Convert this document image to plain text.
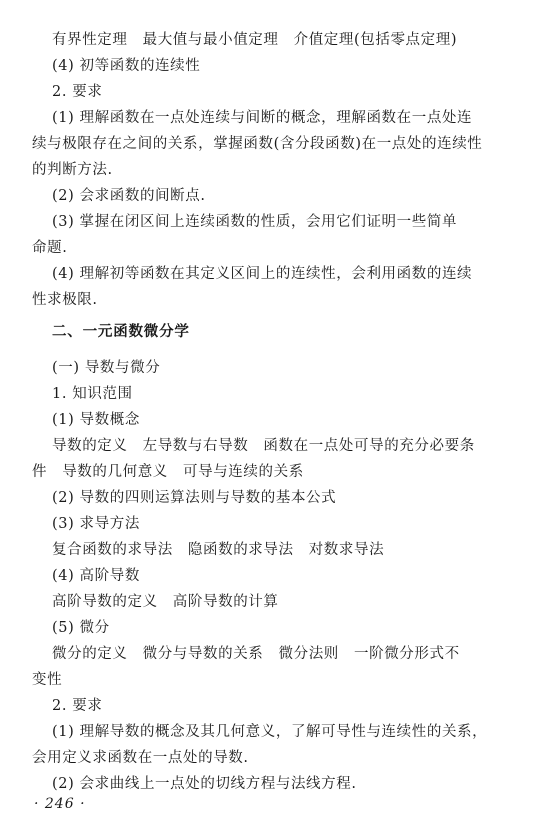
有界性定理　最大值与最小值定理　介值定理(包括零点定理)
(4) 初等函数的连续性
2. 要求
(1) 理解函数在一点处连续与间断的概念，理解函数在一点处连
续与极限存在之间的关系，掌握函数(含分段函数)在一点处的连续性
的判断方法.
(2) 会求函数的间断点.
(3) 掌握在闭区间上连续函数的性质，会用它们证明一些简单
命题.
(4) 理解初等函数在其定义区间上的连续性，会利用函数的连续
性求极限.
二、一元函数微分学
(一) 导数与微分
1. 知识范围
(1) 导数概念
导数的定义　左导数与右导数　函数在一点处可导的充分必要条
件　导数的几何意义　可导与连续的关系
(2) 导数的四则运算法则与导数的基本公式
(3) 求导方法
复合函数的求导法　隐函数的求导法　对数求导法
(4) 高阶导数
高阶导数的定义　高阶导数的计算
(5) 微分
微分的定义　微分与导数的关系　微分法则　一阶微分形式不
变性
2. 要求
(1) 理解导数的概念及其几何意义，了解可导性与连续性的关系，
会用定义求函数在一点处的导数.
(2) 会求曲线上一点处的切线方程与法线方程.
· 246 ·
